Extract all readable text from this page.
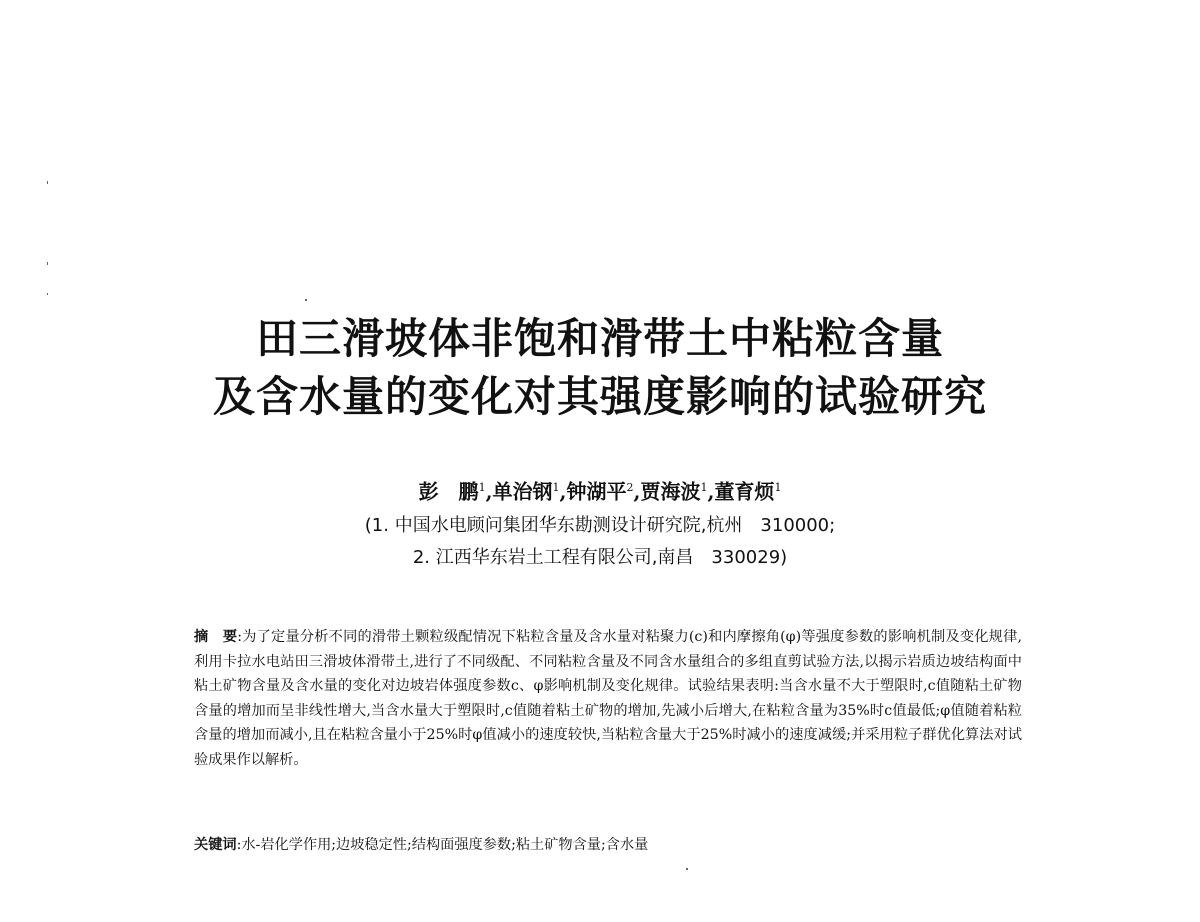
田三滑坡体非饱和滑带土中粘粒含量
及含水量的变化对其强度影响的试验研究
彭　鹏$^1$,单治钢$^1$,钟湖平$^2$,贾海波$^1$,董育烦$^1$
(1. 中国水电顾问集团华东勘测设计研究院,杭州　310000;
2. 江西华东岩土工程有限公司,南昌　330029)
摘　要:为了定量分析不同的滑带土颗粒级配情况下粘粒含量及含水量对粘聚力(c)和内摩擦角(φ)等强度参数的影响机制及变化规律,利用卡拉水电站田三滑坡体滑带土,进行了不同级配、不同粘粒含量及不同含水量组合的多组直剪试验方法,以揭示岩质边坡结构面中粘土矿物含量及含水量的变化对边坡岩体强度参数c、φ影响机制及变化规律。试验结果表明:当含水量不大于塑限时,c值随粘土矿物含量的增加而呈非线性增大,当含水量大于塑限时,c值随着粘土矿物的增加,先减小后增大,在粘粒含量为35%时c值最低;φ值随着粘粒含量的增加而减小,且在粘粒含量小于25%时φ值减小的速度较快,当粘粒含量大于25%时减小的速度减缓;并采用粒子群优化算法对试验成果作以解析。
关键词:水-岩化学作用;边坡稳定性;结构面强度参数;粘土矿物含量;含水量
